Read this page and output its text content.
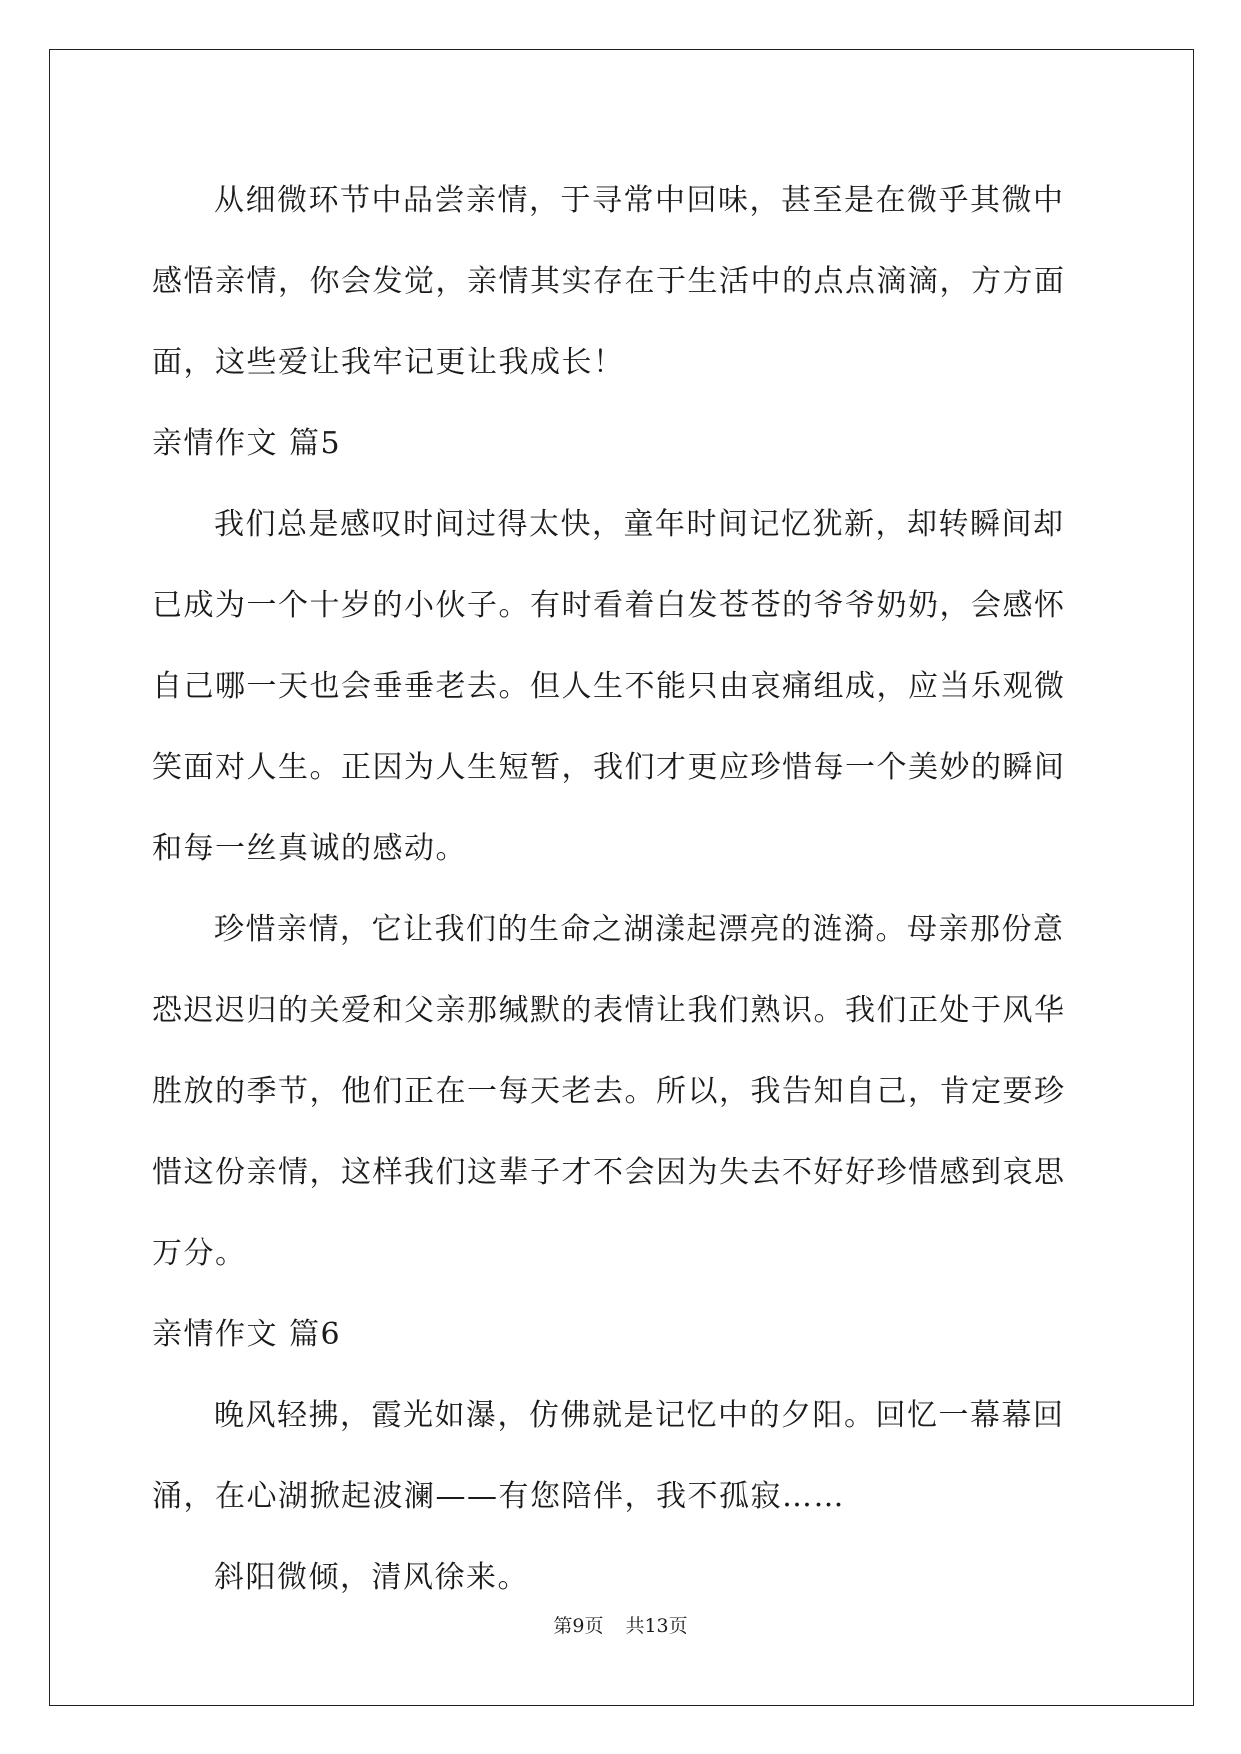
从细微环节中品尝亲情，于寻常中回味，甚至是在微乎其微中感悟亲情，你会发觉，亲情其实存在于生活中的点点滴滴，方方面面，这些爱让我牢记更让我成长！

亲情作文 篇5

我们总是感叹时间过得太快，童年时间记忆犹新，却转瞬间却已成为一个十岁的小伙子。有时看着白发苍苍的爷爷奶奶，会感怀自己哪一天也会垂垂老去。但人生不能只由哀痛组成，应当乐观微笑面对人生。正因为人生短暂，我们才更应珍惜每一个美妙的瞬间和每一丝真诚的感动。

珍惜亲情，它让我们的生命之湖漾起漂亮的涟漪。母亲那份意恐迟迟归的关爱和父亲那缄默的表情让我们熟识。我们正处于风华胜放的季节，他们正在一每天老去。所以，我告知自己，肯定要珍惜这份亲情，这样我们这辈子才不会因为失去不好好珍惜感到哀思万分。

亲情作文 篇6

晚风轻拂，霞光如瀑，仿佛就是记忆中的夕阳。回忆一幕幕回涌，在心湖掀起波澜——有您陪伴，我不孤寂……

斜阳微倾，清风徐来。

第9页 共13页
